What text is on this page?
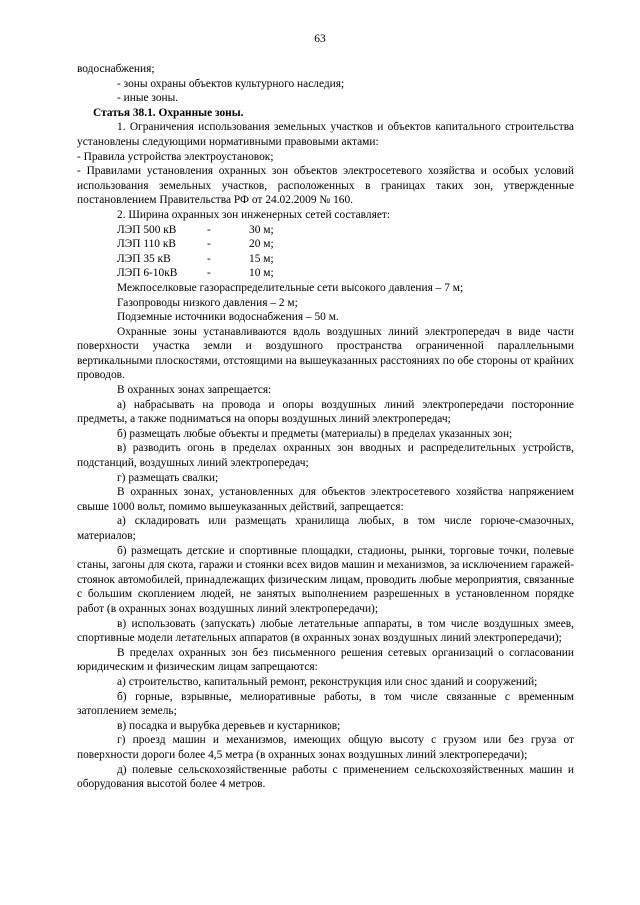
63

водоснабжения;

- зоны охраны объектов культурного наследия;

- иные зоны.

Статья 38.1. Охранные зоны.

1. Ограничения использования земельных участков и объектов капитального строительства установлены следующими нормативными правовыми актами:

- Правила устройства электроустановок;

- Правилами установления охранных зон объектов электросетевого хозяйства и особых условий использования земельных участков, расположенных в границах таких зон, утвержденные постановлением Правительства РФ от 24.02.2009 № 160.

2. Ширина охранных зон инженерных сетей составляет:

ЛЭП 500 кВ	-	30 м;
ЛЭП 110 кВ	-	20 м;
ЛЭП 35 кВ	-	15 м;
ЛЭП 6-10кВ	-	10 м;

Межпоселковые газораспределительные сети высокого давления – 7 м;

Газопроводы низкого давления – 2 м;

Подземные источники водоснабжения – 50 м.

Охранные зоны устанавливаются вдоль воздушных линий электропередач в виде части поверхности участка земли и воздушного пространства ограниченной параллельными вертикальными плоскостями, отстоящими на вышеуказанных расстояниях по обе стороны от крайних проводов.

В охранных зонах запрещается:

а) набрасывать на провода и опоры воздушных линий электропередачи посторонние предметы, а также подниматься на опоры воздушных линий электропередач;

б) размещать любые объекты и предметы (материалы) в пределах указанных зон;

в) разводить огонь в пределах охранных зон вводных и распределительных устройств, подстанций, воздушных линий электропередач;

г) размещать свалки;

В охранных зонах, установленных для объектов электросетевого хозяйства напряжением свыше 1000 вольт, помимо вышеуказанных действий, запрещается:

а) складировать или размещать хранилища любых, в том числе горюче-смазочных, материалов;

б) размещать детские и спортивные площадки, стадионы, рынки, торговые точки, полевые станы, загоны для скота, гаражи и стоянки всех видов машин и механизмов, за исключением гаражей-стоянок автомобилей, принадлежащих физическим лицам, проводить любые мероприятия, связанные с большим скоплением людей, не занятых выполнением разрешенных в установленном порядке работ (в охранных зонах воздушных линий электропередачи);

в) использовать (запускать) любые летательные аппараты, в том числе воздушных змеев, спортивные модели летательных аппаратов (в охранных зонах воздушных линий электропередачи);

В пределах охранных зон без письменного решения сетевых организаций о согласовании юридическим и физическим лицам запрещаются:

а) строительство, капитальный ремонт, реконструкция или снос зданий и сооружений;

б) горные, взрывные, мелиоративные работы, в том числе связанные с временным затоплением земель;

в) посадка и вырубка деревьев и кустарников;

г) проезд машин и механизмов, имеющих общую высоту с грузом или без груза от поверхности дороги более 4,5 метра (в охранных зонах воздушных линий электропередачи);

д) полевые сельскохозяйственные работы с применением сельскохозяйственных машин и оборудования высотой более 4 метров.
